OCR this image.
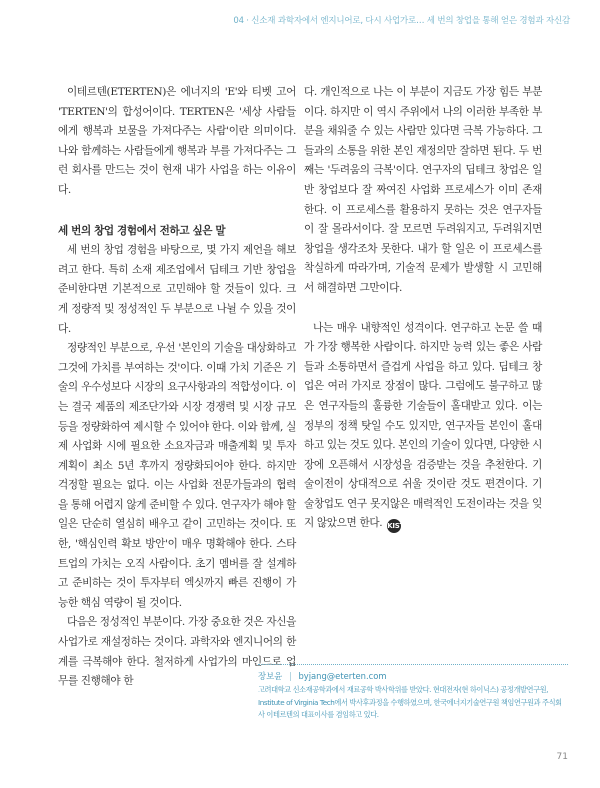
04 · 신소재 과학자에서 엔지니어로, 다시 사업가로… 세 번의 창업을 통해 얻은 경험과 자신감

이테르텐(ETERTEN)은 에너지의 'E'와 티벳 고어 'TERTEN'의 합성어이다. TERTEN은 '세상 사람들에게 행복과 보물을 가져다주는 사람'이란 의미이다. 나와 함께하는 사람들에게 행복과 부를 가져다주는 그런 회사를 만드는 것이 현재 내가 사업을 하는 이유이다.

세 번의 창업 경험에서 전하고 싶은 말

세 번의 창업 경험을 바탕으로, 몇 가지 제언을 해보려고 한다. 특히 소재 제조업에서 딥테크 기반 창업을 준비한다면 기본적으로 고민해야 할 것들이 있다. 크게 정량적 및 정성적인 두 부분으로 나뉠 수 있을 것이다.

정량적인 부분으로, 우선 '본인의 기술을 대상화하고 그것에 가치를 부여하는 것'이다. 이때 가치 기준은 기술의 우수성보다 시장의 요구사항과의 적합성이다. 이는 결국 제품의 제조단가와 시장 경쟁력 및 시장 규모 등을 정량화하여 제시할 수 있어야 한다. 이와 함께, 실제 사업화 시에 필요한 소요자금과 매출계획 및 투자계획이 최소 5년 후까지 정량화되어야 한다. 하지만 걱정할 필요는 없다. 이는 사업화 전문가들과의 협력을 통해 어렵지 않게 준비할 수 있다. 연구자가 해야 할 일은 단순히 열심히 배우고 같이 고민하는 것이다. 또한, '핵심인력 확보 방안'이 매우 명확해야 한다. 스타트업의 가치는 오직 사람이다. 초기 멤버를 잘 설계하고 준비하는 것이 투자부터 엑싯까지 빠른 진행이 가능한 핵심 역량이 될 것이다.

다음은 정성적인 부분이다. 가장 중요한 것은 자신을 사업가로 재설정하는 것이다. 과학자와 엔지니어의 한계를 극복해야 한다. 철저하게 사업가의 마인드로 업무를 진행해야 한

다. 개인적으로 나는 이 부분이 지금도 가장 힘든 부분이다. 하지만 이 역시 주위에서 나의 이러한 부족한 부분을 채워줄 수 있는 사람만 있다면 극복 가능하다. 그들과의 소통을 위한 본인 재정의만 잘하면 된다. 두 번째는 '두려움의 극복'이다. 연구자의 딥테크 창업은 일반 창업보다 잘 짜여진 사업화 프로세스가 이미 존재한다. 이 프로세스를 활용하지 못하는 것은 연구자들이 잘 몰라서이다. 잘 모르면 두려워지고, 두려워지면 창업을 생각조차 못한다. 내가 할 일은 이 프로세스를 착실하게 따라가며, 기술적 문제가 발생할 시 고민해서 해결하면 그만이다.

나는 매우 내향적인 성격이다. 연구하고 논문 쓸 때가 가장 행복한 사람이다. 하지만 능력 있는 좋은 사람들과 소통하면서 즐겁게 사업을 하고 있다. 딥테크 창업은 여러 가지로 장점이 많다. 그럼에도 불구하고 많은 연구자들의 훌륭한 기술들이 홀대받고 있다. 이는 정부의 정책 탓일 수도 있지만, 연구자들 본인이 홀대하고 있는 것도 있다. 본인의 기술이 있다면, 다양한 시장에 오픈해서 시장성을 검증받는 것을 추천한다. 기술이전이 상대적으로 쉬울 것이란 것도 편견이다. 기술창업도 연구 못지않은 매력적인 도전이라는 것을 잊지 않았으면 한다. KIST

장보윤 | byjang@eterten.com
고려대학교 신소재공학과에서 재료공학 박사학위를 받았다. 현대전자(현 하이닉스) 공정개발연구원, Institute of Virginia Tech에서 박사후과정을 수행하였으며, 한국에너지기술연구원 책임연구원과 주식회사 이테르텐의 대표이사를 겸임하고 있다.
71
